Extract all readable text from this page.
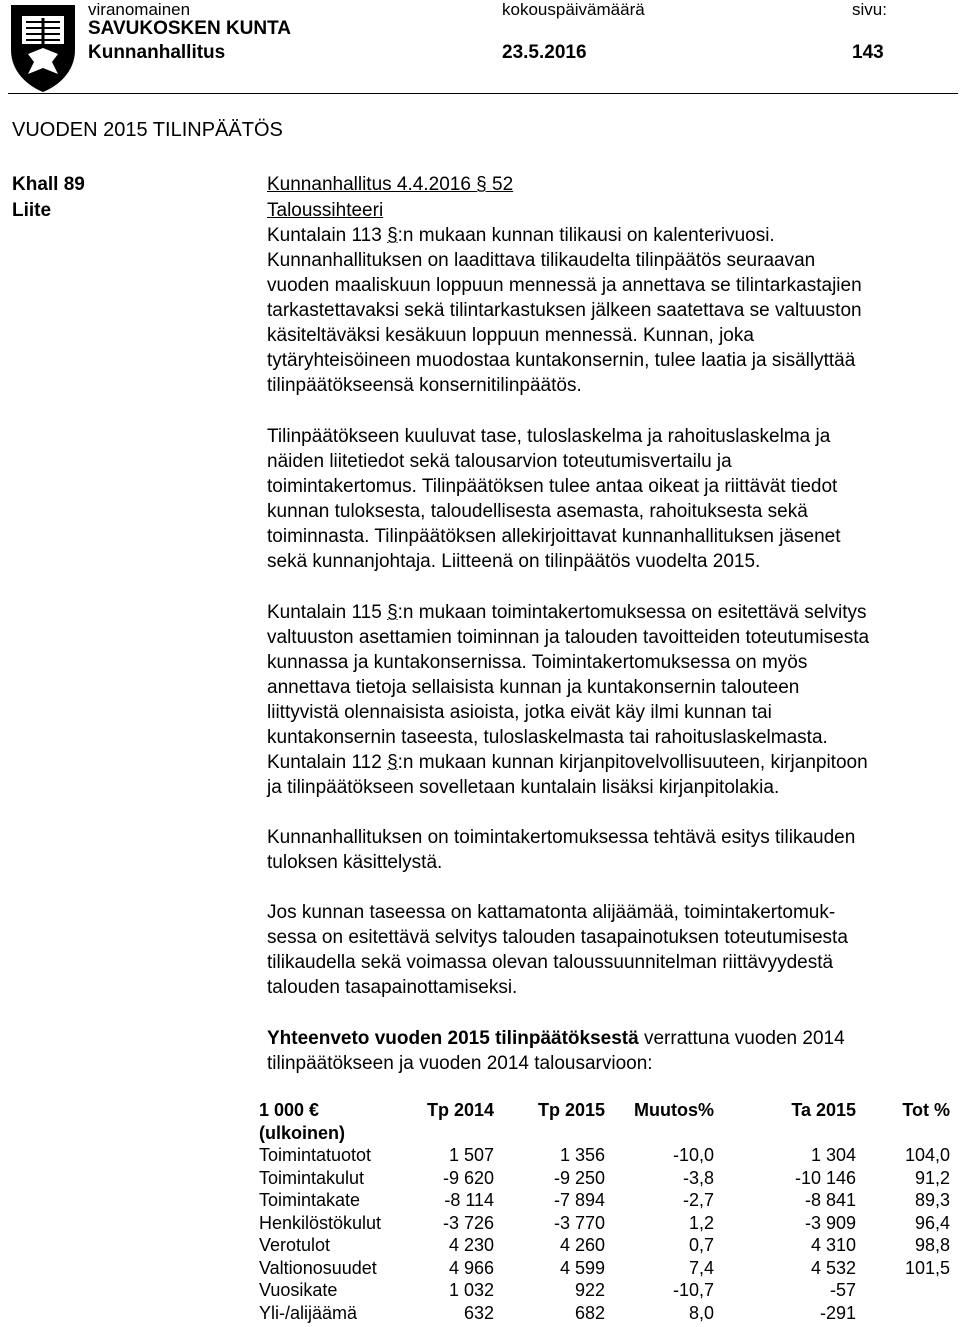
viranomainen
SAVUKOSKEN KUNTA
Kunnanhallitus
kokouspäivämäärä
23.5.2016
sivu:
143
VUODEN 2015 TILINPÄÄTÖS
Khall 89
Liite
Kunnanhallitus 4.4.2016 § 52
Taloussihteeri
Kuntalain 113 §:n mukaan kunnan tilikausi on kalenterivuosi.
Kunnanhallituksen on laadittava tilikaudelta tilinpäätös seuraavan
vuoden maaliskuun loppuun mennessä ja annettava se tilintarkastajien
tarkastettavaksi sekä tilintarkastuksen jälkeen saatettava se valtuuston
käsiteltäväksi kesäkuun loppuun mennessä. Kunnan, joka
tytäryhteisöineen muodostaa kuntakonsernin, tulee laatia ja sisällyttää
tilinpäätökseensä konsernitilinpäätös.
Tilinpäätökseen kuuluvat tase, tuloslaskelma ja rahoituslaskelma ja
näiden liitetiedot sekä talousarvion toteutumisvertailu ja
toimintakertomus. Tilinpäätöksen tulee antaa oikeat ja riittävät tiedot
kunnan tuloksesta, taloudellisesta asemasta, rahoituksesta sekä
toiminnasta. Tilinpäätöksen allekirjoittavat kunnanhallituksen jäsenet
sekä kunnanjohtaja. Liitteenä on tilinpäätös vuodelta 2015.
Kuntalain 115 §:n mukaan toimintakertomuksessa on esitettävä selvitys
valtuuston asettamien toiminnan ja talouden tavoitteiden toteutumisesta
kunnassa ja kuntakonsernissa. Toimintakertomuksessa on myös
annettava tietoja sellaisista kunnan ja kuntakonsernin talouteen
liittyvistä olennaisista asioista, jotka eivät käy ilmi kunnan tai
kuntakonsernin taseesta, tuloslaskelmasta tai rahoituslaskelmasta.
Kuntalain 112 §:n mukaan kunnan kirjanpitovelvollisuuteen, kirjanpitoon
ja tilinpäätökseen sovelletaan kuntalain lisäksi kirjanpitolakia.
Kunnanhallituksen on toimintakertomuksessa tehtävä esitys tilikauden
tuloksen käsittelystä.
Jos kunnan taseessa on kattamatonta alijäämää, toimintakertomuk-
sessa on esitettävä selvitys talouden tasapainotuksen toteutumisesta
tilikaudella sekä voimassa olevan taloussuunnitelman riittävyydestä
talouden tasapainottamiseksi.
Yhteenveto vuoden 2015 tilinpäätöksestä verrattuna vuoden 2014
tilinpäätökseen ja vuoden 2014 talousarvioon:
1 000 €	Tp 2014	Tp 2015	Muutos%	Ta 2015	Tot %
(ulkoinen)					
Toimintatuotot	1 507	1 356	-10,0	1 304	104,0
Toimintakulut	-9 620	-9 250	-3,8	-10 146	91,2
Toimintakate	-8 114	-7 894	-2,7	-8 841	89,3
Henkilöstökulut	-3 726	-3 770	1,2	-3 909	96,4
Verotulot	4 230	4 260	0,7	4 310	98,8
Valtionosuudet	4 966	4 599	7,4	4 532	101,5
Vuosikate	1 032	922	-10,7	-57	
Yli-/alijäämä	632	682	8,0	-291	
